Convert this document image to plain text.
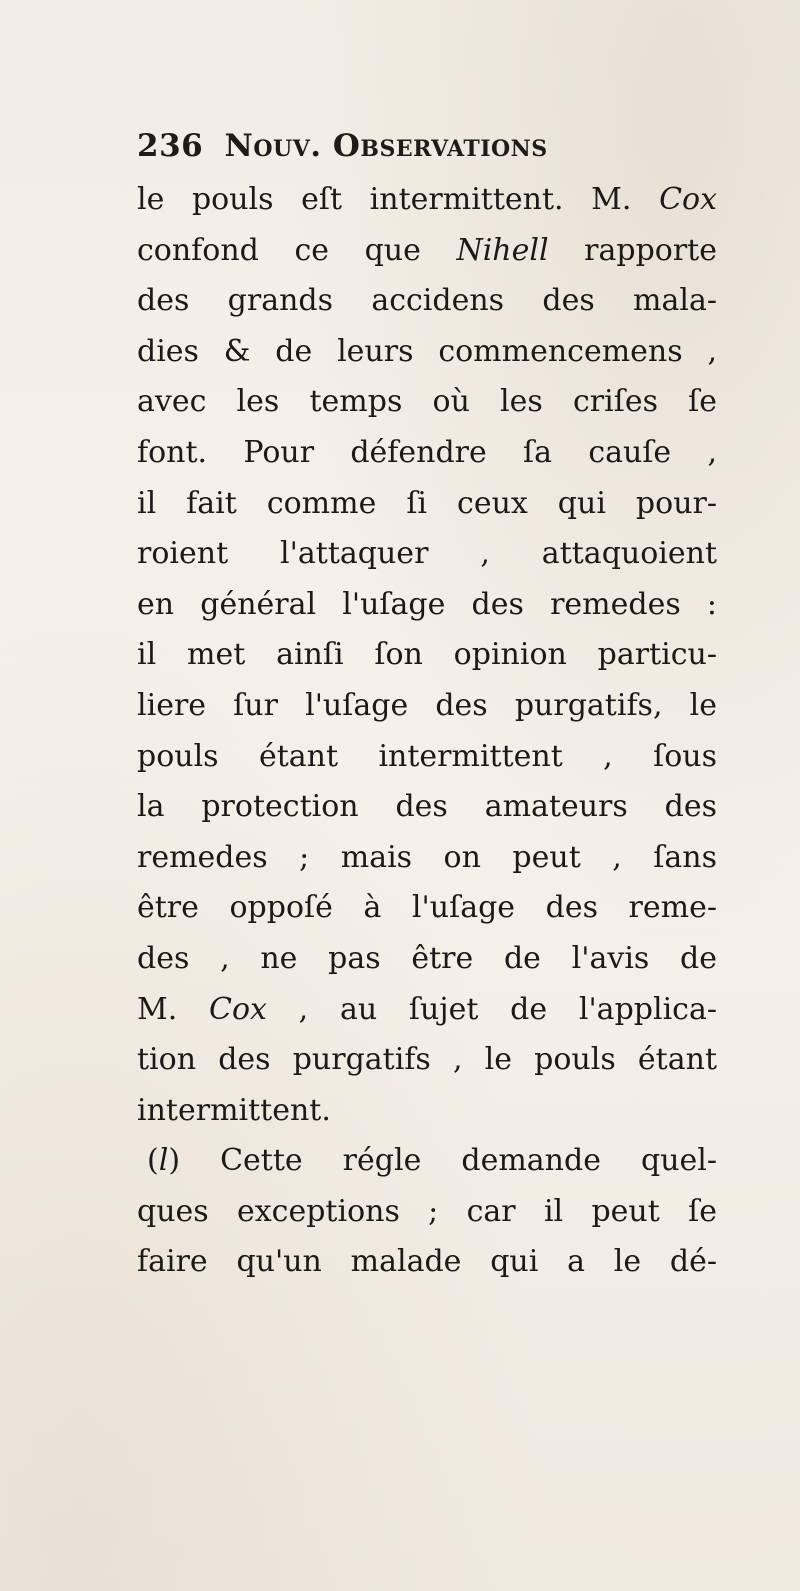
236 Nouv. Observations
le pouls eſt intermittent. M. Cox
confond ce que Nihell rapporte
des grands accidens des mala-
dies & de leurs commencemens ,
avec les temps où les criſes ſe
font. Pour défendre ſa cauſe ,
il fait comme ſi ceux qui pour-
roient l'attaquer , attaquoient
en général l'uſage des remedes :
il met ainſi ſon opinion particu-
liere ſur l'uſage des purgatifs, le
pouls étant intermittent , ſous
la protection des amateurs des
remedes ; mais on peut , ſans
être oppoſé à l'uſage des reme-
des , ne pas être de l'avis de
M. Cox , au ſujet de l'applica-
tion des purgatifs , le pouls étant
intermittent.
(l) Cette régle demande quel-
ques exceptions ; car il peut ſe
faire qu'un malade qui a le dé-
